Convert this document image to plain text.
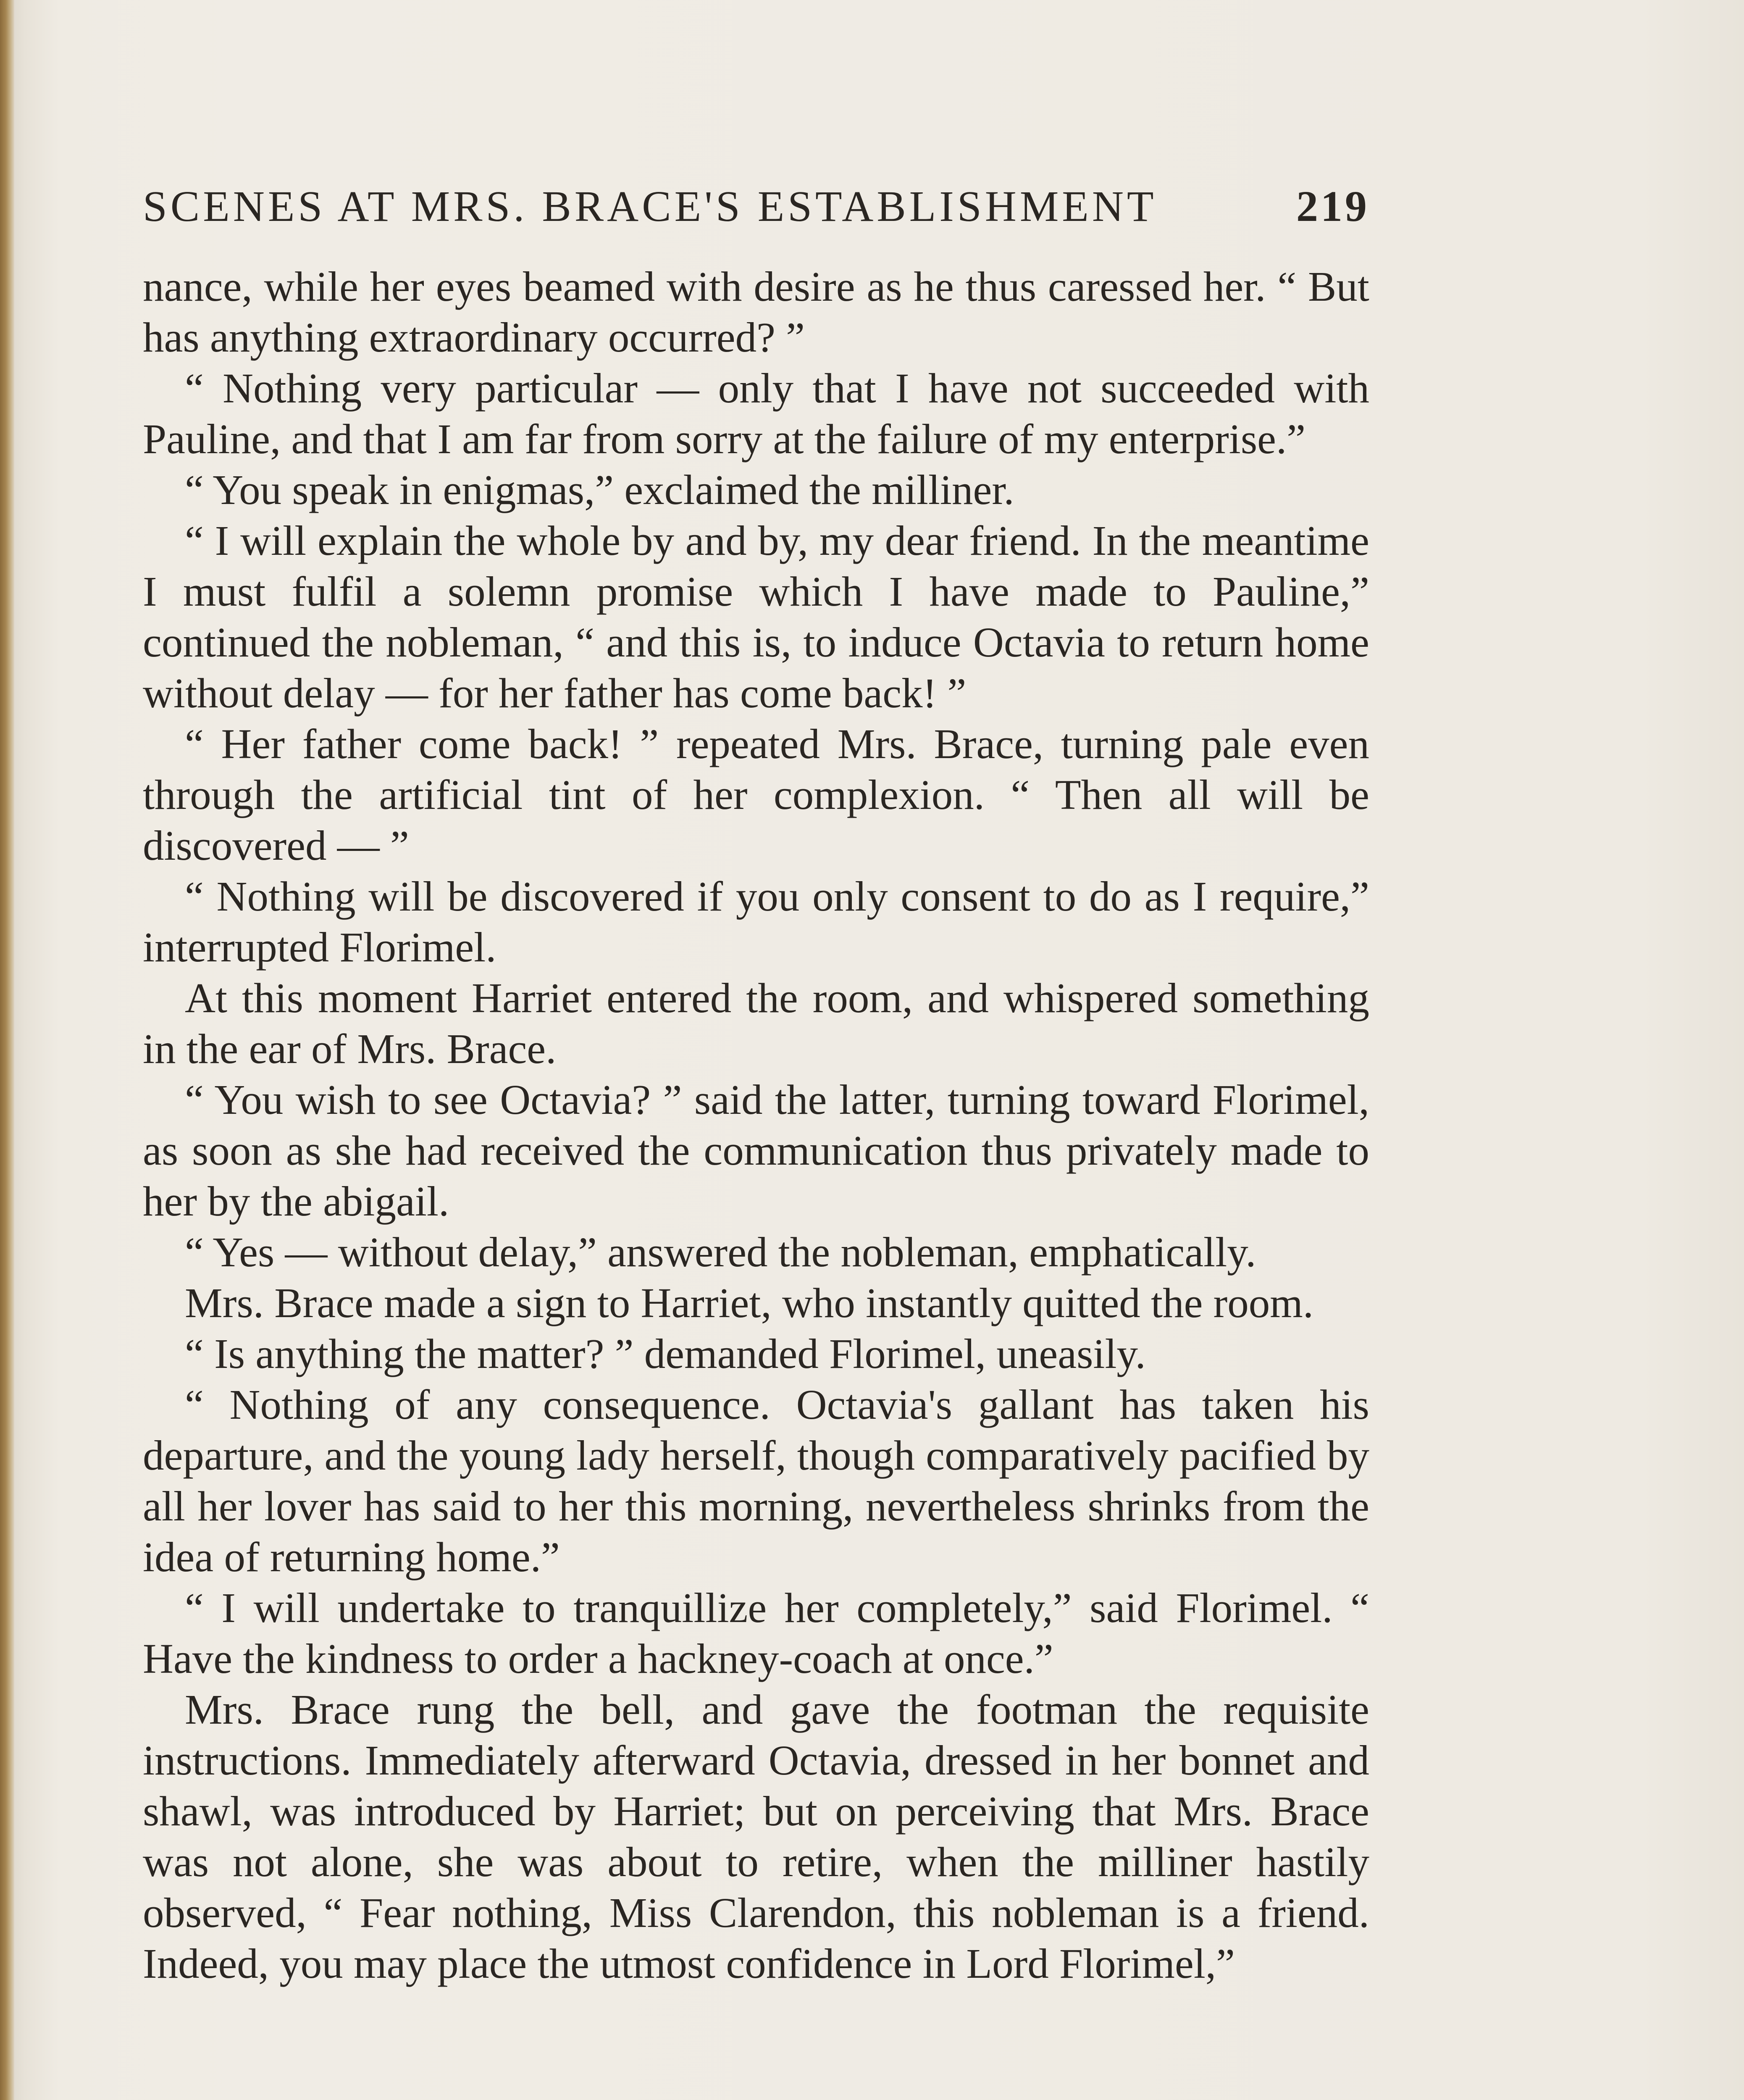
SCENES AT MRS. BRACE'S ESTABLISHMENT	219

nance, while her eyes beamed with desire as he thus caressed her. “ But has anything extraordinary occurred? ”

“ Nothing very particular — only that I have not succeeded with Pauline, and that I am far from sorry at the failure of my enterprise.”

“ You speak in enigmas,” exclaimed the milliner.

“ I will explain the whole by and by, my dear friend. In the meantime I must fulfil a solemn promise which I have made to Pauline,” continued the nobleman, “ and this is, to induce Octavia to return home without delay — for her father has come back! ”

“ Her father come back! ” repeated Mrs. Brace, turning pale even through the artificial tint of her complexion. “ Then all will be discovered — ”

“ Nothing will be discovered if you only consent to do as I require,” interrupted Florimel.

At this moment Harriet entered the room, and whispered something in the ear of Mrs. Brace.

“ You wish to see Octavia? ” said the latter, turning toward Florimel, as soon as she had received the communication thus privately made to her by the abigail.

“ Yes — without delay,” answered the nobleman, emphatically.

Mrs. Brace made a sign to Harriet, who instantly quitted the room.

“ Is anything the matter? ” demanded Florimel, uneasily.

“ Nothing of any consequence. Octavia's gallant has taken his departure, and the young lady herself, though comparatively pacified by all her lover has said to her this morning, nevertheless shrinks from the idea of returning home.”

“ I will undertake to tranquillize her completely,” said Florimel. “ Have the kindness to order a hackney-coach at once.”

Mrs. Brace rung the bell, and gave the footman the requisite instructions. Immediately afterward Octavia, dressed in her bonnet and shawl, was introduced by Harriet; but on perceiving that Mrs. Brace was not alone, she was about to retire, when the milliner hastily observed, “ Fear nothing, Miss Clarendon, this nobleman is a friend. Indeed, you may place the utmost confidence in Lord Florimel,”
